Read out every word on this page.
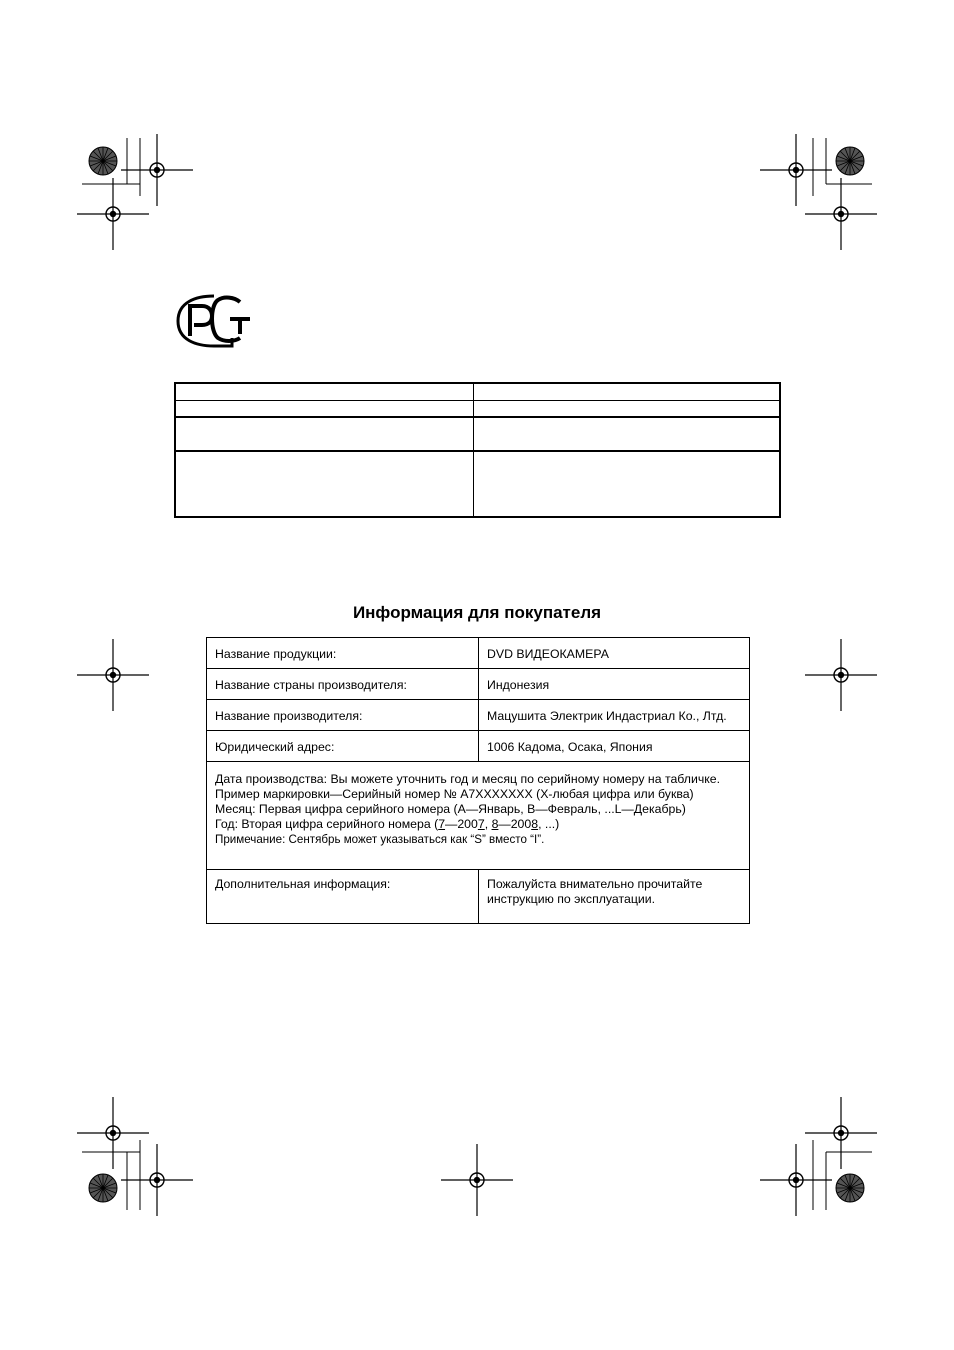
Информация для покупателя
Название продукции:	DVD ВИДЕОКАМЕРА
Название страны производителя:	Индонезия
Название производителя:	Мацушита Электрик Индастриал Ко., Лтд.
Юридический адрес:	1006 Кадома, Осака, Япония

Дата производства: Вы можете уточнить год и месяц по серийному номеру на табличке.
Пример маркировки—Серийный номер № A7XXXXXXX (X-любая цифра или буква)
Месяц: Первая цифра серийного номера (A—Январь, B—Февраль, ...L—Декабрь)
Год: Вторая цифра серийного номера (7—2007, 8—2008, ...)
Примечание: Сентябрь может указываться как “S” вместо “I”.	

Дополнительная информация:	Пожалуйста внимательно прочитайте
инструкцию по эксплуатации.
